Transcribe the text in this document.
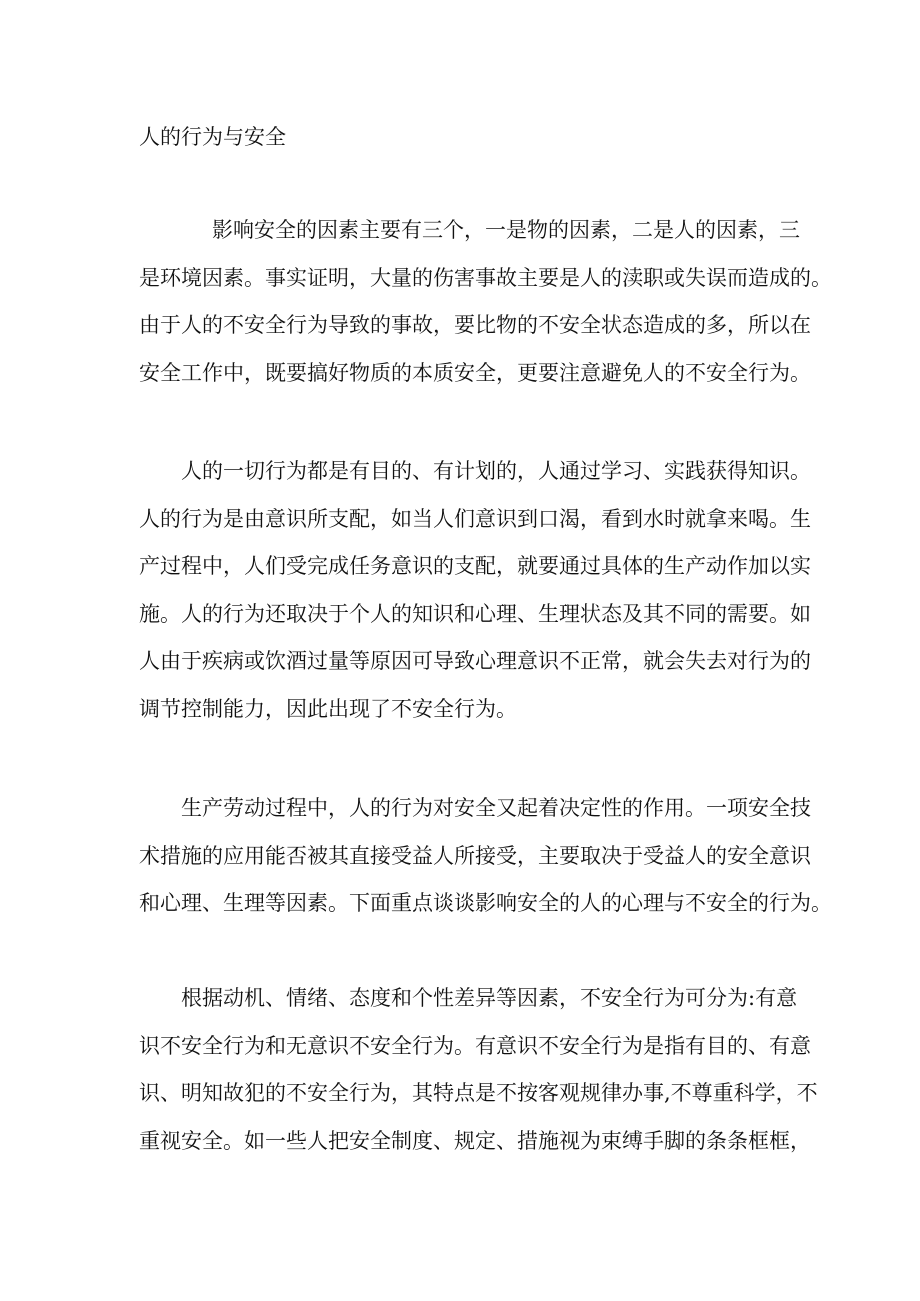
人的行为与安全
影响安全的因素主要有三个，一是物的因素，二是人的因素，三
是环境因素。事实证明，大量的伤害事故主要是人的渎职或失误而造成的。
由于人的不安全行为导致的事故，要比物的不安全状态造成的多，所以在
安全工作中，既要搞好物质的本质安全，更要注意避免人的不安全行为。
人的一切行为都是有目的、有计划的，人通过学习、实践获得知识。
人的行为是由意识所支配，如当人们意识到口渴，看到水时就拿来喝。生
产过程中，人们受完成任务意识的支配，就要通过具体的生产动作加以实
施。人的行为还取决于个人的知识和心理、生理状态及其不同的需要。如
人由于疾病或饮酒过量等原因可导致心理意识不正常，就会失去对行为的
调节控制能力，因此出现了不安全行为。
生产劳动过程中，人的行为对安全又起着决定性的作用。一项安全技
术措施的应用能否被其直接受益人所接受，主要取决于受益人的安全意识
和心理、生理等因素。下面重点谈谈影响安全的人的心理与不安全的行为。
根据动机、情绪、态度和个性差异等因素，不安全行为可分为:有意
识不安全行为和无意识不安全行为。有意识不安全行为是指有目的、有意
识、明知故犯的不安全行为，其特点是不按客观规律办事,不尊重科学，不
重视安全。如一些人把安全制度、规定、措施视为束缚手脚的条条框框，
